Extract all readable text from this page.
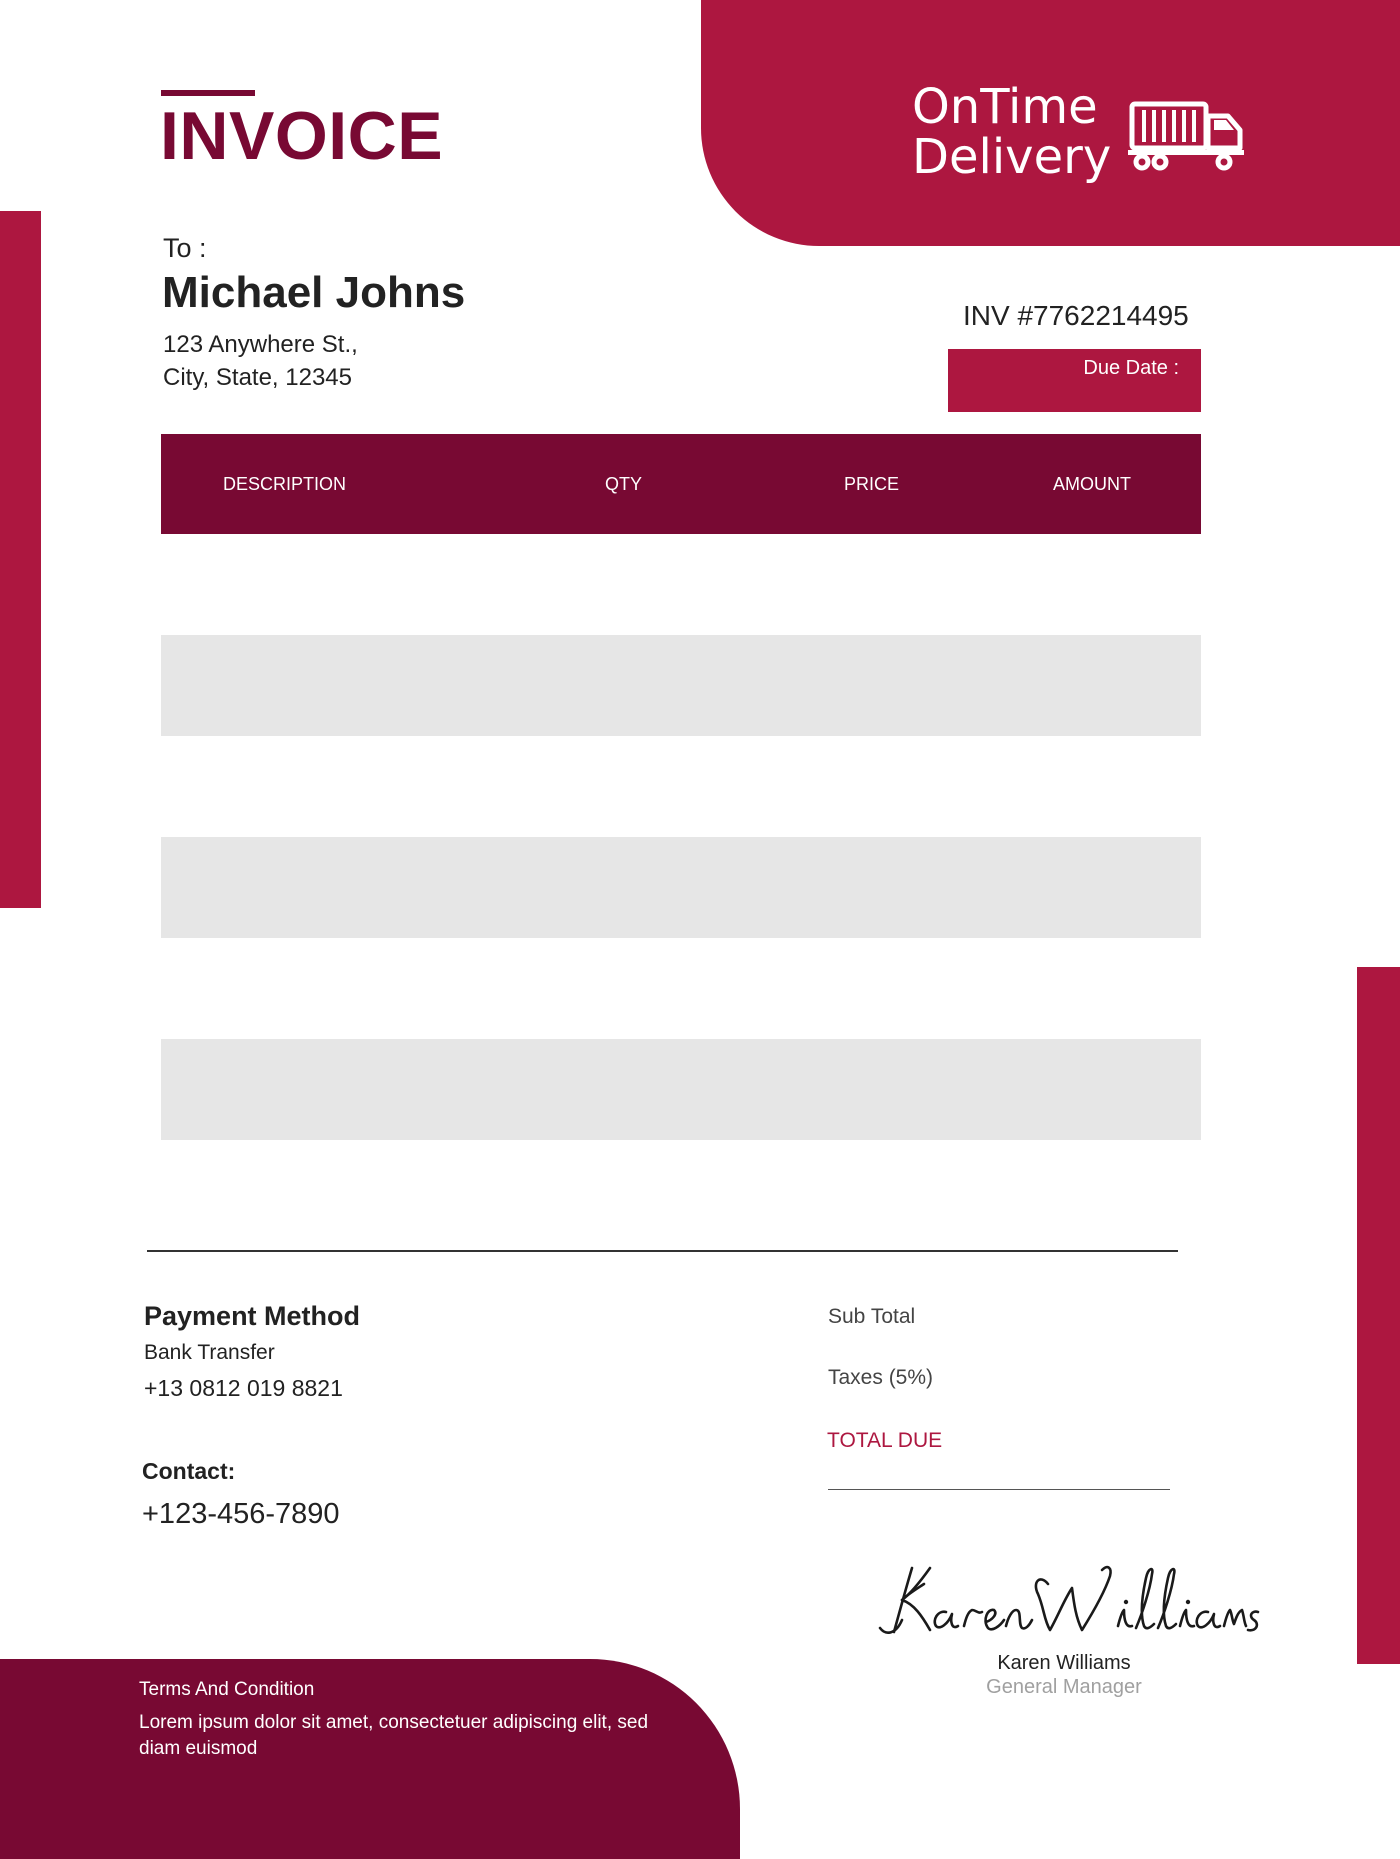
INVOICE	OnTime
Delivery
To :
Michael Johns
123 Anywhere St.,
City, State, 12345
INV #7762214495
Due Date :
DESCRIPTION	QTY	PRICE	AMOUNT
Payment Method
Bank Transfer
+13 0812 019 8821
Contact:
+123-456-7890
Sub Total
Taxes (5%)
TOTAL DUE
Karen Williams
General Manager
Terms And Condition
Lorem ipsum dolor sit amet, consectetuer adipiscing elit, sed diam euismod
